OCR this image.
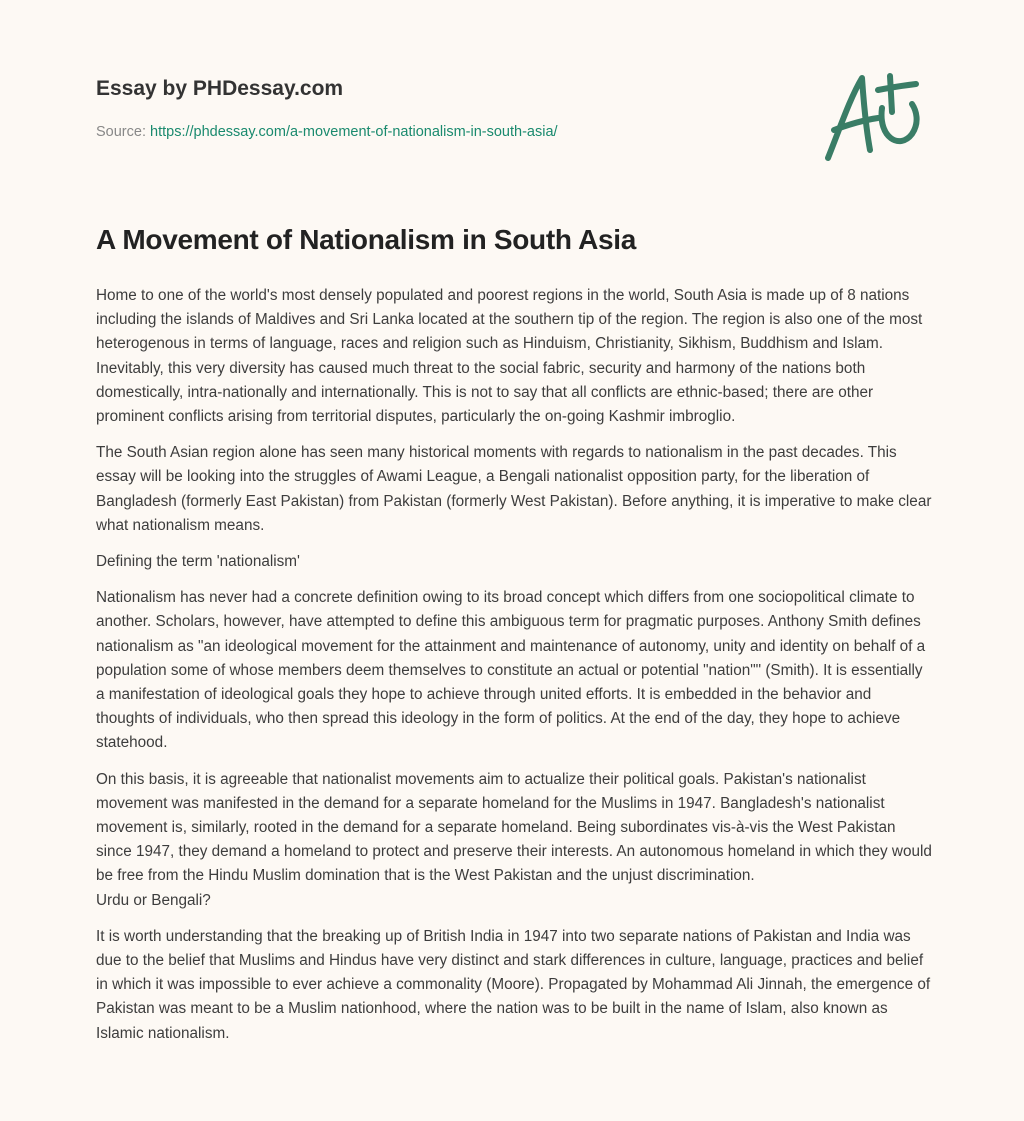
Essay by PHDessay.com
Source: https://phdessay.com/a-movement-of-nationalism-in-south-asia/
A Movement of Nationalism in South Asia

Home to one of the world's most densely populated and poorest regions in the world, South Asia is made up of 8 nations including the islands of Maldives and Sri Lanka located at the southern tip of the region. The region is also one of the most heterogenous in terms of language, races and religion such as Hinduism, Christianity, Sikhism, Buddhism and Islam. Inevitably, this very diversity has caused much threat to the social fabric, security and harmony of the nations both domestically, intra-nationally and internationally. This is not to say that all conflicts are ethnic-based; there are other prominent conflicts arising from territorial disputes, particularly the on-going Kashmir imbroglio.

The South Asian region alone has seen many historical moments with regards to nationalism in the past decades. This essay will be looking into the struggles of Awami League, a Bengali nationalist opposition party, for the liberation of Bangladesh (formerly East Pakistan) from Pakistan (formerly West Pakistan). Before anything, it is imperative to make clear what nationalism means.

Defining the term 'nationalism'

Nationalism has never had a concrete definition owing to its broad concept which differs from one sociopolitical climate to another. Scholars, however, have attempted to define this ambiguous term for pragmatic purposes. Anthony Smith defines nationalism as "an ideological movement for the attainment and maintenance of autonomy, unity and identity on behalf of a population some of whose members deem themselves to constitute an actual or potential "nation"" (Smith). It is essentially a manifestation of ideological goals they hope to achieve through united efforts. It is embedded in the behavior and thoughts of individuals, who then spread this ideology in the form of politics. At the end of the day, they hope to achieve statehood.

On this basis, it is agreeable that nationalist movements aim to actualize their political goals. Pakistan's nationalist movement was manifested in the demand for a separate homeland for the Muslims in 1947. Bangladesh's nationalist movement is, similarly, rooted in the demand for a separate homeland. Being subordinates vis-à-vis the West Pakistan since 1947, they demand a homeland to protect and preserve their interests. An autonomous homeland in which they would be free from the Hindu Muslim domination that is the West Pakistan and the unjust discrimination.

Urdu or Bengali?

It is worth understanding that the breaking up of British India in 1947 into two separate nations of Pakistan and India was due to the belief that Muslims and Hindus have very distinct and stark differences in culture, language, practices and belief in which it was impossible to ever achieve a commonality (Moore). Propagated by Mohammad Ali Jinnah, the emergence of Pakistan was meant to be a Muslim nationhood, where the nation was to be built in the name of Islam, also known as Islamic nationalism.
